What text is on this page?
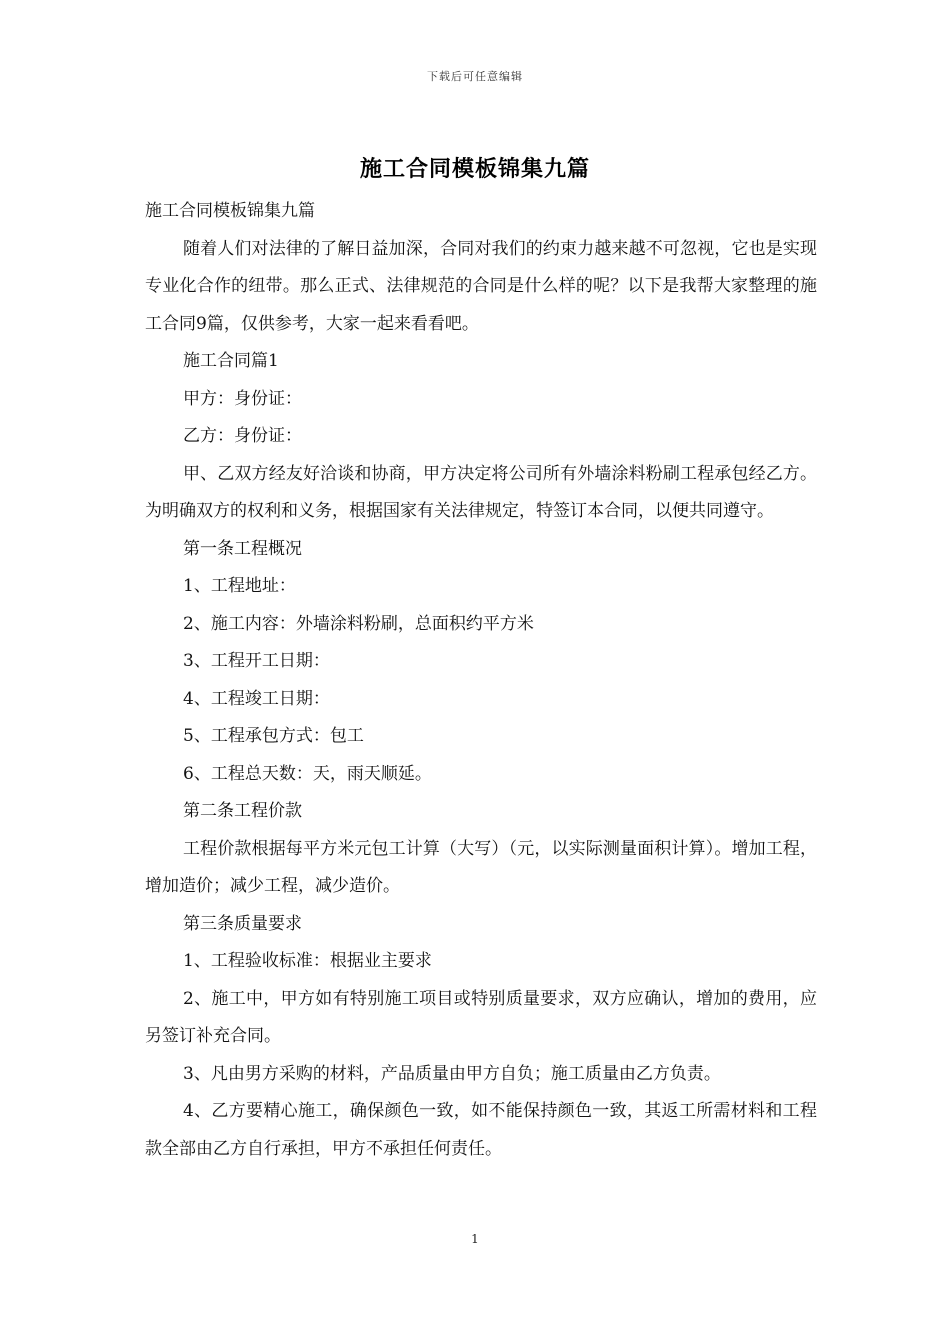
下载后可任意编辑
施工合同模板锦集九篇

施工合同模板锦集九篇

随着人们对法律的了解日益加深，合同对我们的约束力越来越不可忽视，它也是实现专业化合作的纽带。那么正式、法律规范的合同是什么样的呢？以下是我帮大家整理的施工合同9篇，仅供参考，大家一起来看看吧。

施工合同篇1

甲方：身份证：

乙方：身份证：

甲、乙双方经友好洽谈和协商，甲方决定将公司所有外墙涂料粉刷工程承包经乙方。为明确双方的权利和义务，根据国家有关法律规定，特签订本合同，以便共同遵守。

第一条工程概况

1、工程地址：

2、施工内容：外墙涂料粉刷，总面积约平方米

3、工程开工日期：

4、工程竣工日期：

5、工程承包方式：包工

6、工程总天数：天，雨天顺延。

第二条工程价款

工程价款根据每平方米元包工计算（大写）（元，以实际测量面积计算）。增加工程，增加造价；减少工程，减少造价。

第三条质量要求

1、工程验收标准：根据业主要求

2、施工中，甲方如有特别施工项目或特别质量要求，双方应确认，增加的费用，应另签订补充合同。

3、凡由男方采购的材料，产品质量由甲方自负；施工质量由乙方负责。

4、乙方要精心施工，确保颜色一致，如不能保持颜色一致，其返工所需材料和工程款全部由乙方自行承担，甲方不承担任何责任。

1
